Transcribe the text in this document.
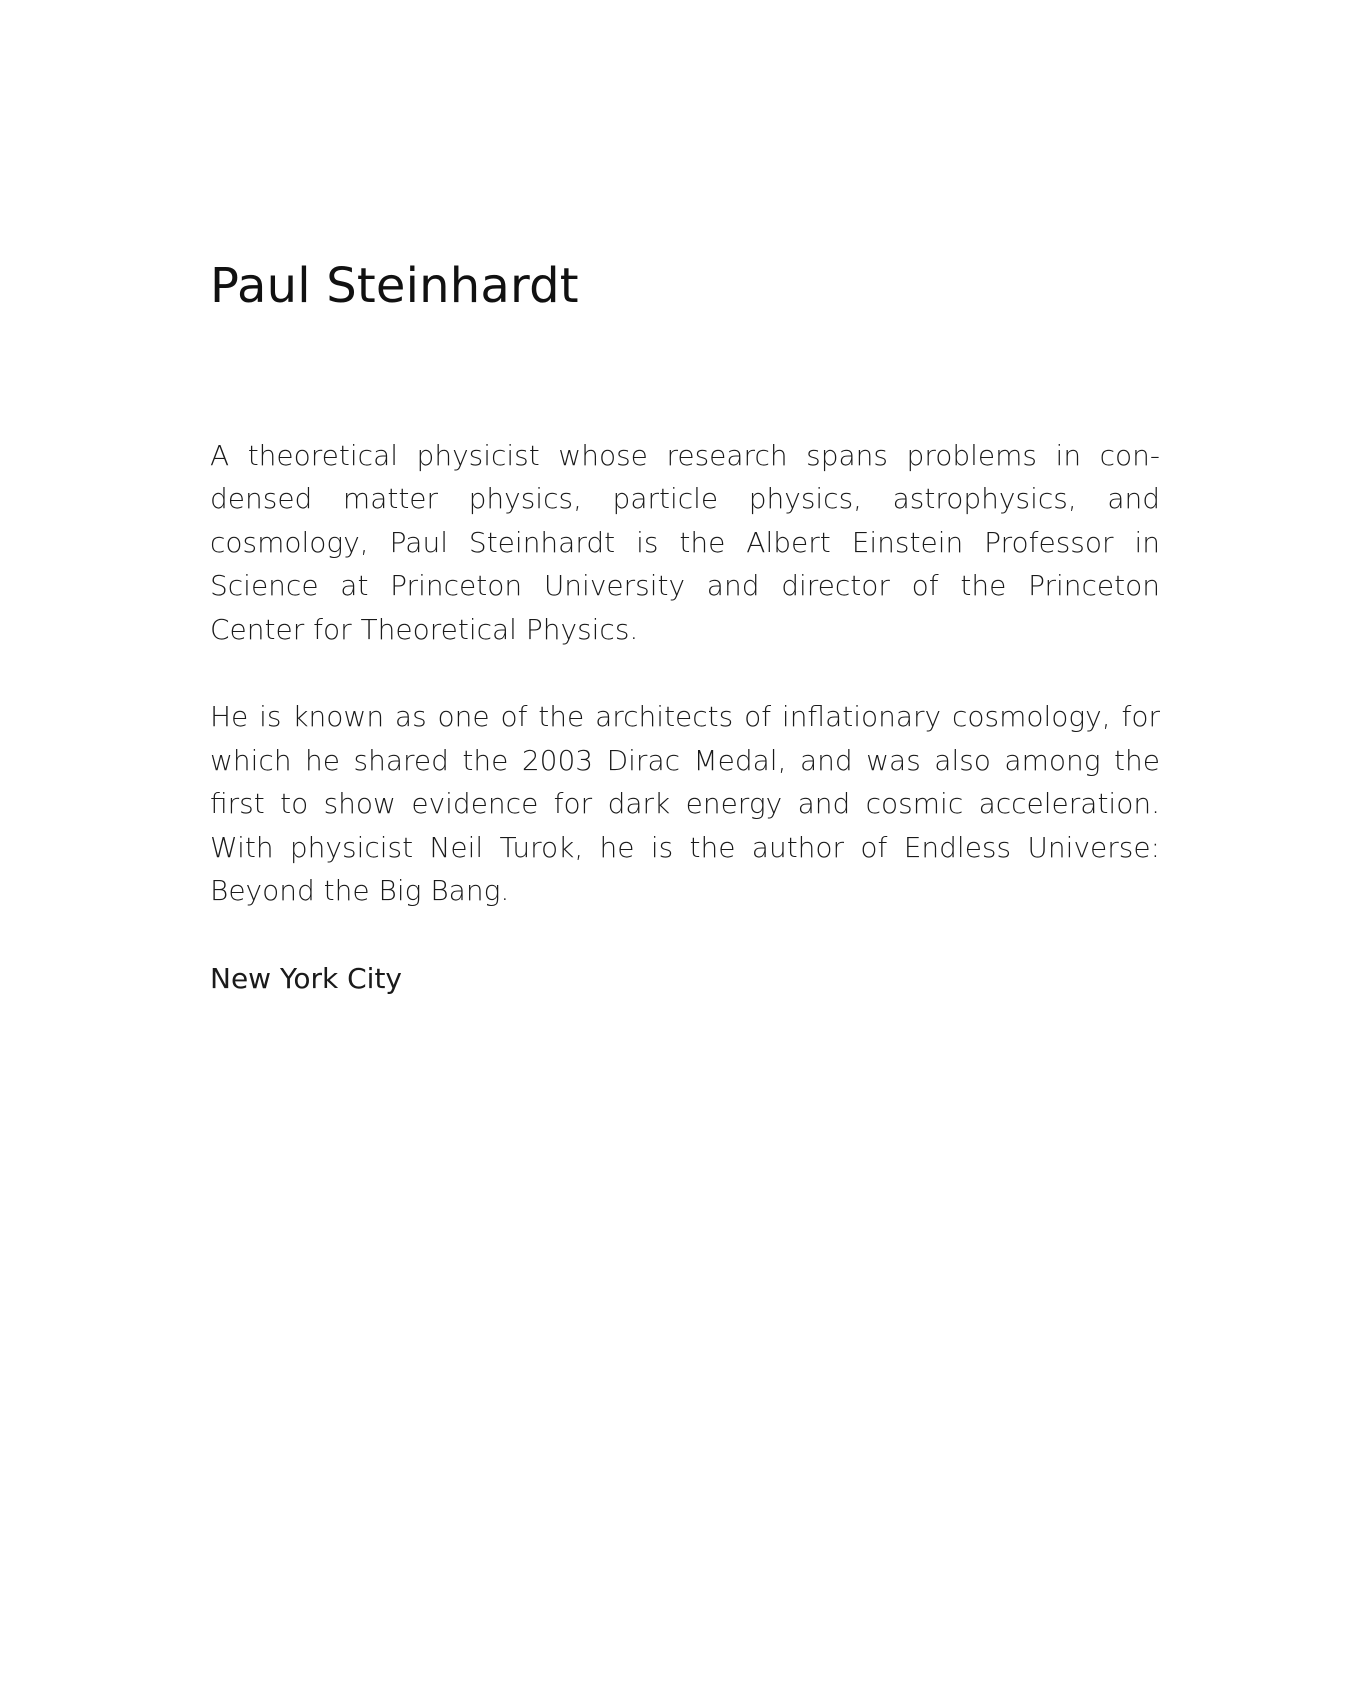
Paul Steinhardt

A theoretical physicist whose research spans problems in condensed matter physics, particle physics, astrophysics, and cosmology, Paul Steinhardt is the Albert Einstein Professor in Science at Princeton University and director of the Princeton Center for Theoretical Physics.

He is known as one of the architects of inflationary cosmology, for which he shared the 2003 Dirac Medal, and was also among the first to show evidence for dark energy and cosmic acceleration. With physicist Neil Turok, he is the author of Endless Universe: Beyond the Big Bang.

New York City
